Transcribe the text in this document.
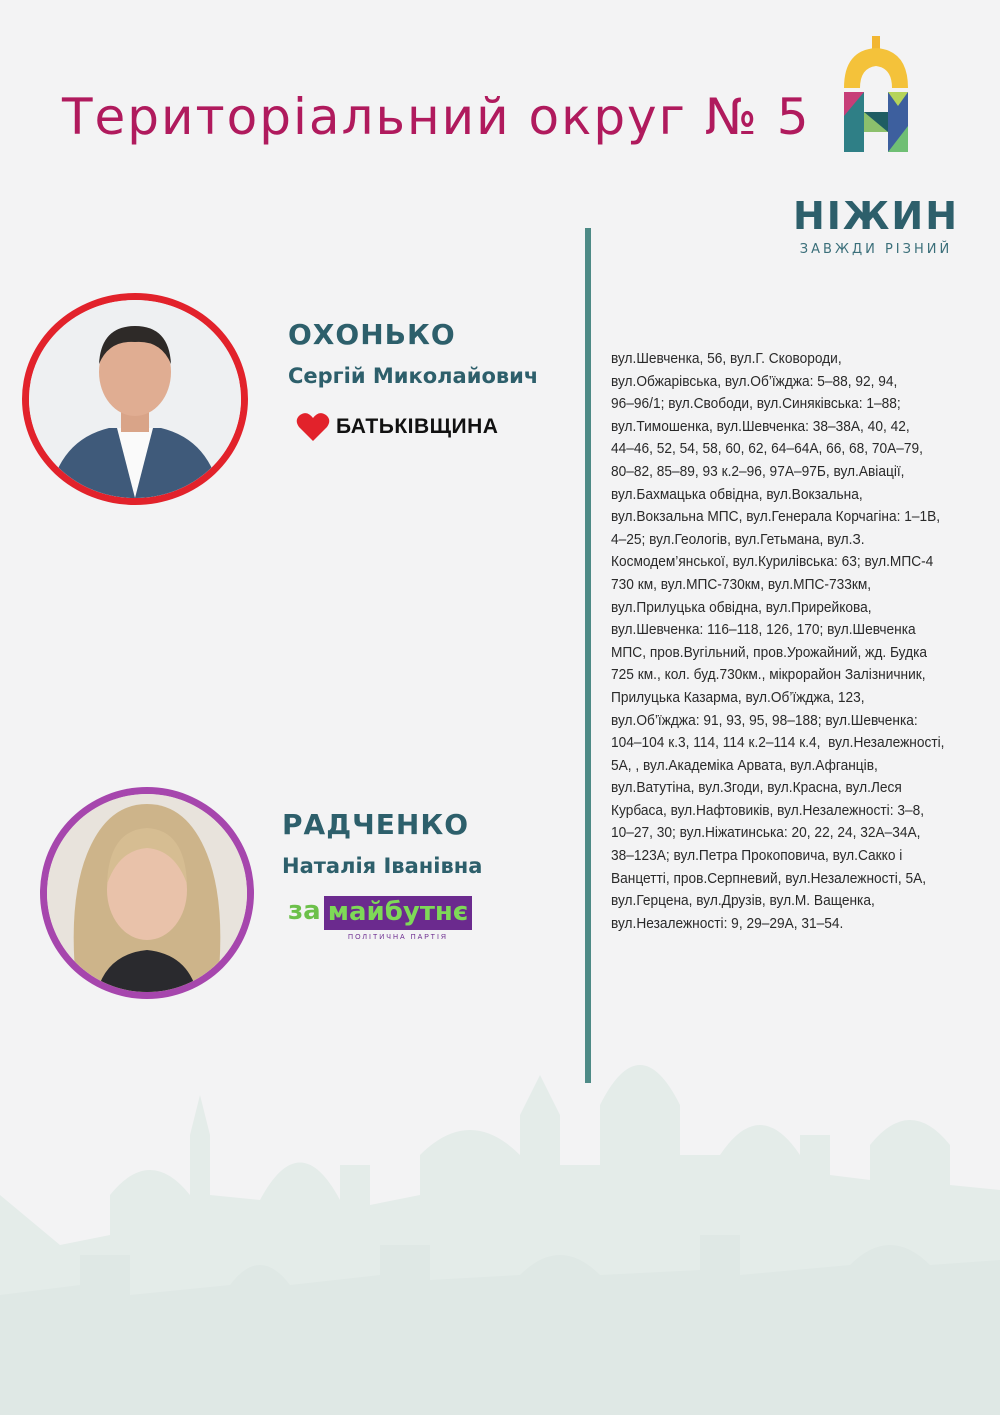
Територіальний округ № 5
НІЖИН
ЗАВЖДИ РІЗНИЙ
ОХОНЬКО
Сергій Миколайович
БАТЬКІВЩИНА
РАДЧЕНКО
Наталія Іванівна
за майбутнє
ПОЛІТИЧНА ПАРТІЯ

вул.Шевченка, 56, вул.Г. Сковороди,
вул.Обжарівська, вул.Об’їжджа: 5–88, 92, 94,
96–96/1; вул.Свободи, вул.Синяківська: 1–88;
вул.Тимошенка, вул.Шевченка: 38–38А, 40, 42,
44–46, 52, 54, 58, 60, 62, 64–64А, 66, 68, 70А–79,
80–82, 85–89, 93 к.2–96, 97А–97Б, вул.Авіації,
вул.Бахмацька обвідна, вул.Вокзальна,
вул.Вокзальна МПС, вул.Генерала Корчагіна: 1–1В,
4–25; вул.Геологів, вул.Гетьмана, вул.З.
Космодем’янської, вул.Курилівська: 63; вул.МПС-4
730 км, вул.МПС-730км, вул.МПС-733км,
вул.Прилуцька обвідна, вул.Прирейкова,
вул.Шевченка: 116–118, 126, 170; вул.Шевченка
МПС, пров.Вугільний, пров.Урожайний, жд. Будка
725 км., кол. буд.730км., мікрорайон Залізничник,
Прилуцька Казарма, вул.Об’їжджа, 123,
вул.Об’їжджа: 91, 93, 95, 98–188; вул.Шевченка:
104–104 к.3, 114, 114 к.2–114 к.4,  вул.Незалежності,
5А, , вул.Академіка Арвата, вул.Афганців,
вул.Ватутіна, вул.Згоди, вул.Красна, вул.Леся
Курбаса, вул.Нафтовиків, вул.Незалежності: 3–8,
10–27, 30; вул.Ніжатинська: 20, 22, 24, 32А–34А,
38–123А; вул.Петра Прокоповича, вул.Сакко і
Ванцетті, пров.Серпневий, вул.Незалежності, 5А,
вул.Герцена, вул.Друзів, вул.М. Ващенка,
вул.Незалежності: 9, 29–29А, 31–54.
